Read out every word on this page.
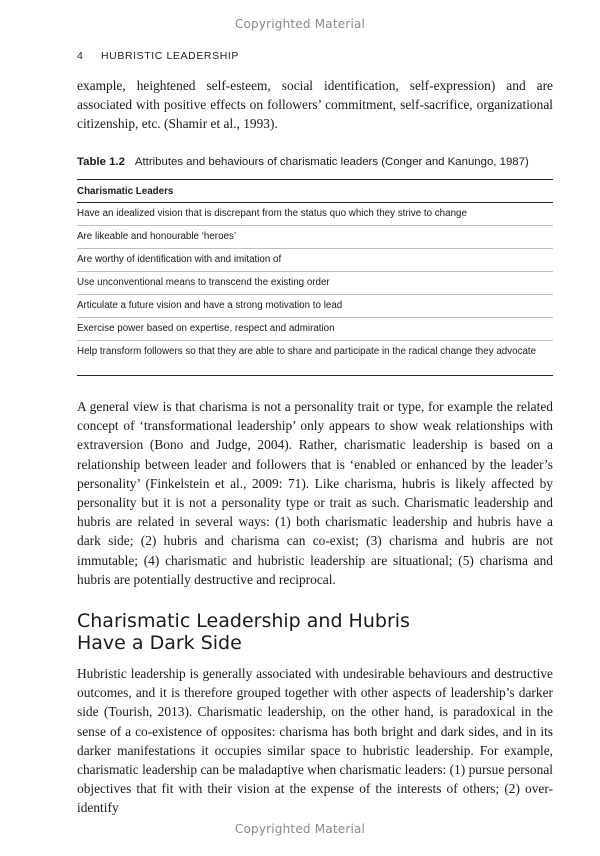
Copyrighted Material
4 HUBRISTIC LEADERSHIP

example, heightened self-esteem, social identification, self-expression) and are associated with positive effects on followers’ commitment, self-sacrifice, organizational citizenship, etc. (Shamir et al., 1993).

Table 1.2 Attributes and behaviours of charismatic leaders (Conger and Kanungo, 1987)
Charismatic Leaders
Have an idealized vision that is discrepant from the status quo which they strive to change
Are likeable and honourable ‘heroes’
Are worthy of identification with and imitation of
Use unconventional means to transcend the existing order
Articulate a future vision and have a strong motivation to lead
Exercise power based on expertise, respect and admiration
Help transform followers so that they are able to share and participate in the radical change they advocate

A general view is that charisma is not a personality trait or type, for example the related concept of ‘transformational leadership’ only appears to show weak relationships with extraversion (Bono and Judge, 2004). Rather, charismatic leadership is based on a relationship between leader and followers that is ‘enabled or enhanced by the leader’s personality’ (Finkelstein et al., 2009: 71). Like charisma, hubris is likely affected by personality but it is not a personality type or trait as such. Charismatic leadership and hubris are related in several ways: (1) both charismatic leadership and hubris have a dark side; (2) hubris and charisma can co-exist; (3) charisma and hubris are not immutable; (4) charismatic and hubristic leadership are situational; (5) charisma and hubris are potentially destructive and reciprocal.

Charismatic Leadership and Hubris
Have a Dark Side

Hubristic leadership is generally associated with undesirable behaviours and destructive outcomes, and it is therefore grouped together with other aspects of leadership’s darker side (Tourish, 2013). Charismatic leadership, on the other hand, is paradoxical in the sense of a co-existence of opposites: charisma has both bright and dark sides, and in its darker manifestations it occupies similar space to hubristic leadership. For example, charismatic leadership can be maladaptive when charismatic leaders: (1) pursue personal objectives that fit with their vision at the expense of the interests of others; (2) over-identify

Copyrighted Material
